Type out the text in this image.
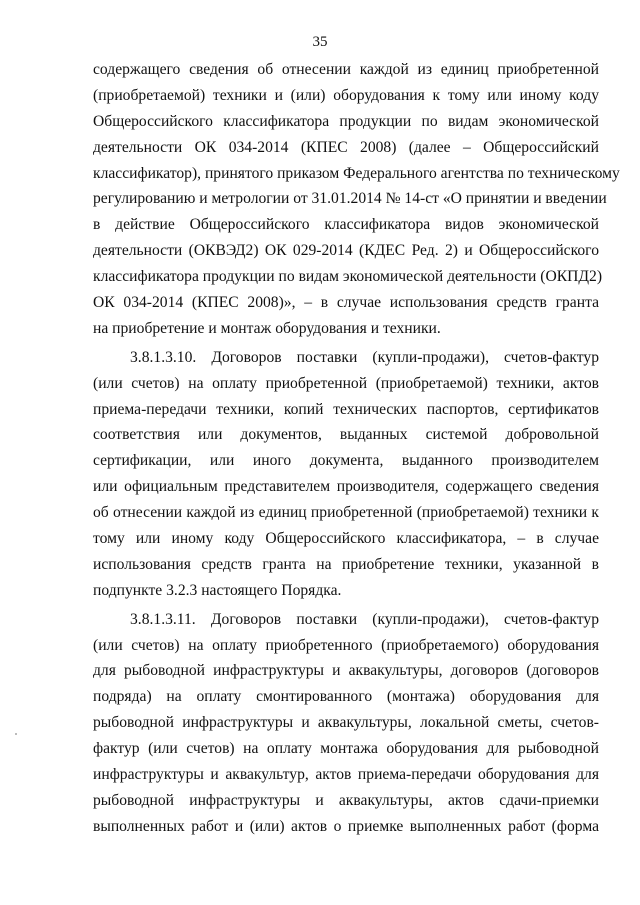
35
содержащего сведения об отнесении каждой из единиц приобретенной
(приобретаемой) техники и (или) оборудования к тому или иному коду
Общероссийского классификатора продукции по видам экономической
деятельности ОК 034-2014 (КПЕС 2008) (далее – Общероссийский
классификатор), принятого приказом Федерального агентства по техническому
регулированию и метрологии от 31.01.2014 № 14-ст «О принятии и введении
в действие Общероссийского классификатора видов экономической
деятельности (ОКВЭД2) ОК 029-2014 (КДЕС Ред. 2) и Общероссийского
классификатора продукции по видам экономической деятельности (ОКПД2)
ОК 034-2014 (КПЕС 2008)», – в случае использования средств гранта
на приобретение и монтаж оборудования и техники.
3.8.1.3.10. Договоров поставки (купли-продажи), счетов-фактур
(или счетов) на оплату приобретенной (приобретаемой) техники, актов
приема-передачи техники, копий технических паспортов, сертификатов
соответствия или документов, выданных системой добровольной
сертификации, или иного документа, выданного производителем
или официальным представителем производителя, содержащего сведения
об отнесении каждой из единиц приобретенной (приобретаемой) техники к
тому или иному коду Общероссийского классификатора, – в случае
использования средств гранта на приобретение техники, указанной в
подпункте 3.2.3 настоящего Порядка.
3.8.1.3.11. Договоров поставки (купли-продажи), счетов-фактур
(или счетов) на оплату приобретенного (приобретаемого) оборудования
для рыбоводной инфраструктуры и аквакультуры, договоров (договоров
подряда) на оплату смонтированного (монтажа) оборудования для
рыбоводной инфраструктуры и аквакультуры, локальной сметы, счетов-
фактур (или счетов) на оплату монтажа оборудования для рыбоводной
инфраструктуры и аквакультур, актов приема-передачи оборудования для
рыбоводной инфраструктуры и аквакультуры, актов сдачи-приемки
выполненных работ и (или) актов о приемке выполненных работ (форма
